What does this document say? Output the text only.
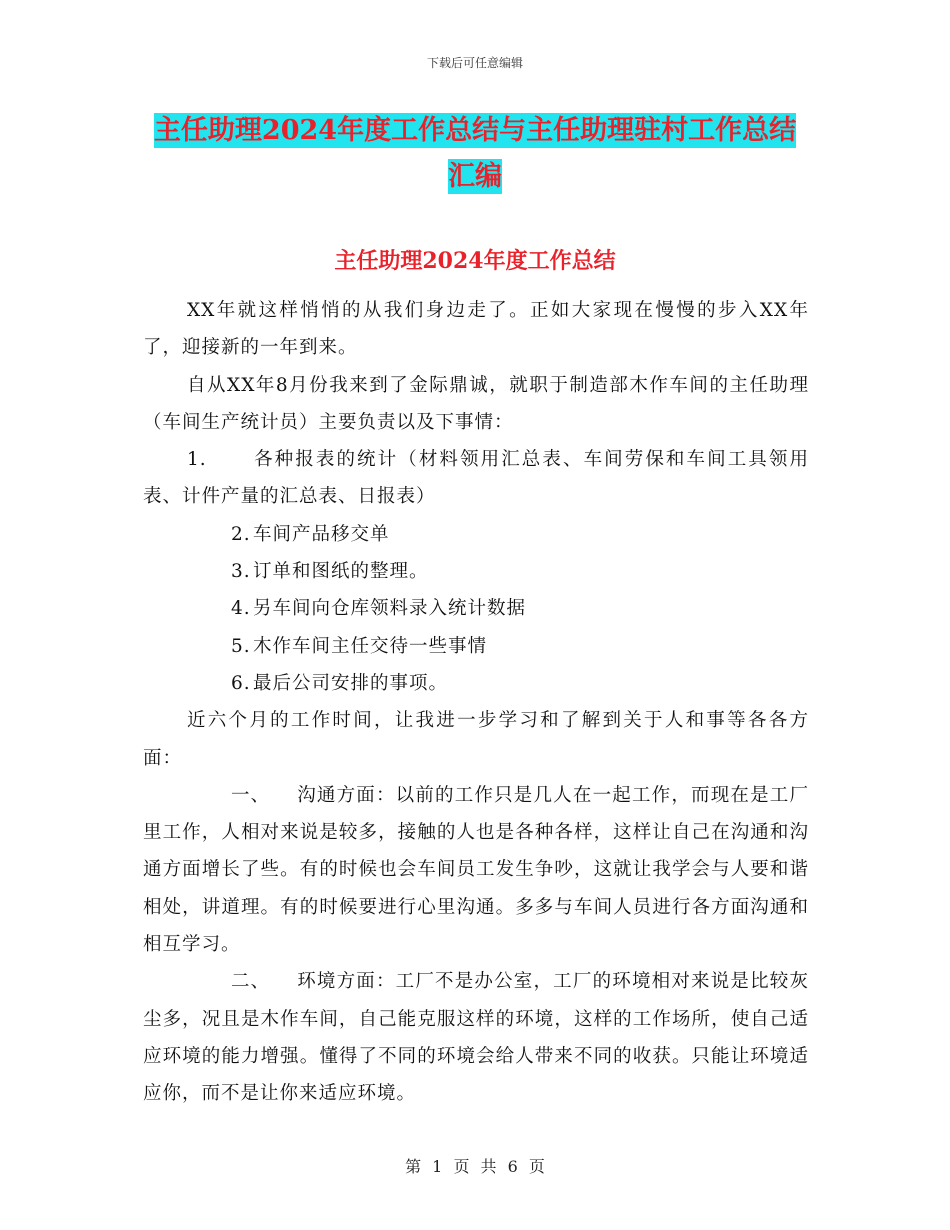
下载后可任意编辑
主任助理2024年度工作总结与主任助理驻村工作总结
汇编
主任助理2024年度工作总结

XX年就这样悄悄的从我们身边走了。正如大家现在慢慢的步入XX年了，迎接新的一年到来。

自从XX年8月份我来到了金际鼎诚，就职于制造部木作车间的主任助理（车间生产统计员）主要负责以及下事情：

1.	各种报表的统计（材料领用汇总表、车间劳保和车间工具领用表、计件产量的汇总表、日报表）

2. 车间产品移交单

3. 订单和图纸的整理。

4. 另车间向仓库领料录入统计数据

5. 木作车间主任交待一些事情

6. 最后公司安排的事项。

近六个月的工作时间，让我进一步学习和了解到关于人和事等各各方面：

一、 沟通方面：以前的工作只是几人在一起工作，而现在是工厂里工作，人相对来说是较多，接触的人也是各种各样，这样让自己在沟通和沟通方面增长了些。有的时候也会车间员工发生争吵，这就让我学会与人要和谐相处，讲道理。有的时候要进行心里沟通。多多与车间人员进行各方面沟通和相互学习。

二、 环境方面：工厂不是办公室，工厂的环境相对来说是比较灰尘多，况且是木作车间，自己能克服这样的环境，这样的工作场所，使自己适应环境的能力增强。懂得了不同的环境会给人带来不同的收获。只能让环境适应你，而不是让你来适应环境。

第 1 页 共 6 页
